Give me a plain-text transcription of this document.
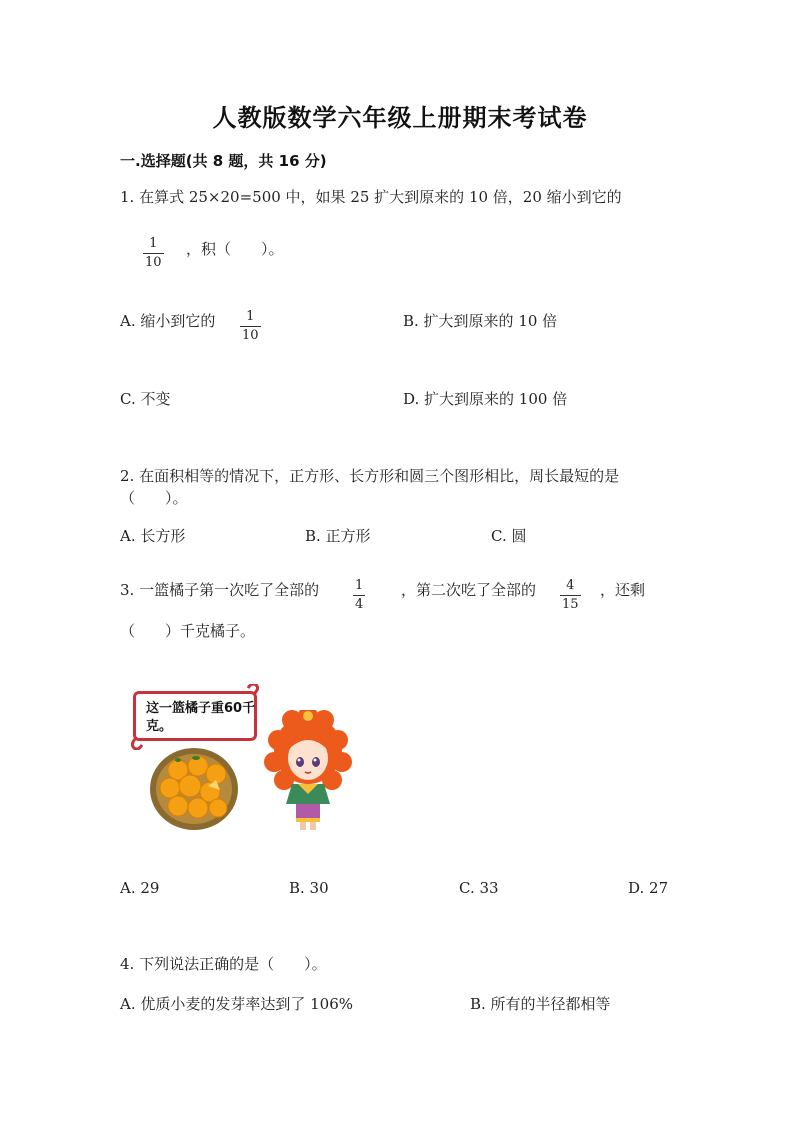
人教版数学六年级上册期末考试卷
一.选择题(共 8 题，共 16 分)
1. 在算式 25×20=500 中，如果 25 扩大到原来的 10 倍，20 缩小到它的
$\frac{1}{10}$ ，积（　　）。
A. 缩小到它的 $\frac{1}{10}$	B. 扩大到原来的 10 倍
C. 不变	D. 扩大到原来的 100 倍
2. 在面积相等的情况下，正方形、长方形和圆三个图形相比，周长最短的是
（　　）。
A. 长方形	B. 正方形	C. 圆
3. 一篮橘子第一次吃了全部的	$\frac{1}{4}$ ，第二次吃了全部的 $\frac{4}{15}$ ，还剩
（　　）千克橘子。
这一篮橘子重60千克。
A. 29	B. 30	C. 33	D. 27
4. 下列说法正确的是（　　）。
A. 优质小麦的发芽率达到了 106%	B. 所有的半径都相等
